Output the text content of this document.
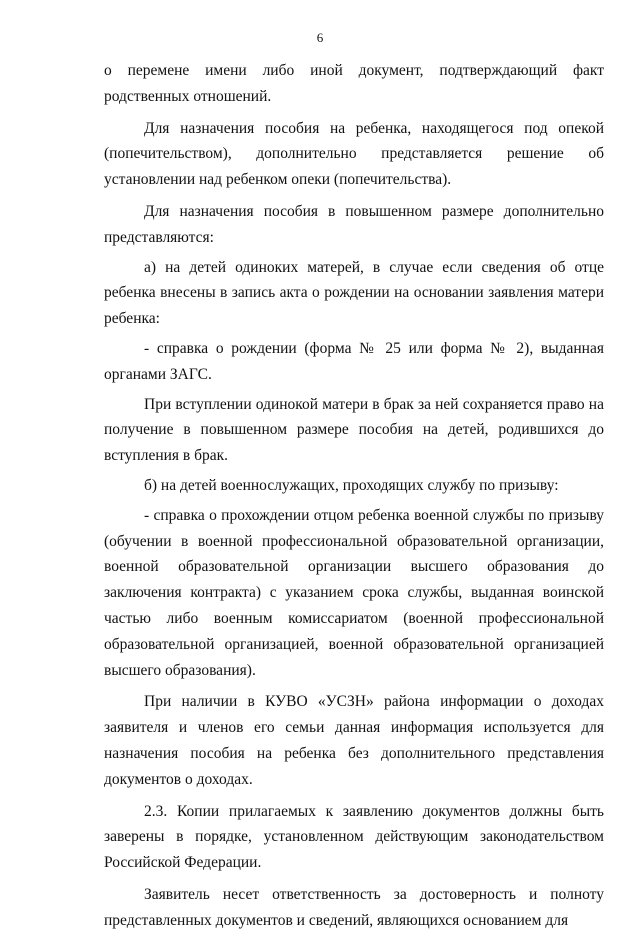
6

о перемене имени либо иной документ, подтверждающий факт родственных отношений.

Для назначения пособия на ребенка, находящегося под опекой (попечительством), дополнительно представляется решение об установлении над ребенком опеки (попечительства).

Для назначения пособия в повышенном размере дополнительно представляются:

а) на детей одиноких матерей, в случае если сведения об отце ребенка внесены в запись акта о рождении на основании заявления матери ребенка:

- справка о рождении (форма № 25 или форма № 2), выданная органами ЗАГС.

При вступлении одинокой матери в брак за ней сохраняется право на получение в повышенном размере пособия на детей, родившихся до вступления в брак.

б) на детей военнослужащих, проходящих службу по призыву:

- справка о прохождении отцом ребенка военной службы по призыву (обучении в военной профессиональной образовательной организации, военной образовательной организации высшего образования до заключения контракта) с указанием срока службы, выданная воинской частью либо военным комиссариатом (военной профессиональной образовательной организацией, военной образовательной организацией высшего образования).

При наличии в КУВО «УСЗН» района информации о доходах заявителя и членов его семьи данная информация используется для назначения пособия на ребенка без дополнительного представления документов о доходах.

2.3. Копии прилагаемых к заявлению документов должны быть заверены в порядке, установленном действующим законодательством Российской Федерации.

Заявитель несет ответственность за достоверность и полноту представленных документов и сведений, являющихся основанием для
